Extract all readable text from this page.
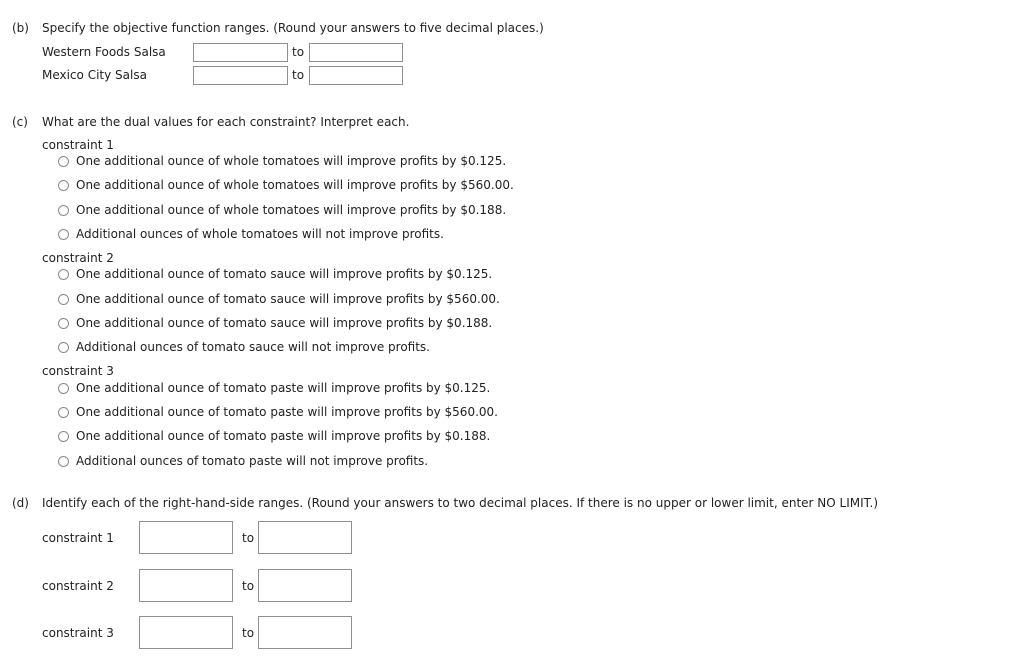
(b) Specify the objective function ranges. (Round your answers to five decimal places.)
Western Foods Salsa	to
Mexico City Salsa	to
(c) What are the dual values for each constraint? Interpret each.
constraint 1
One additional ounce of whole tomatoes will improve profits by $0.125.
One additional ounce of whole tomatoes will improve profits by $560.00.
One additional ounce of whole tomatoes will improve profits by $0.188.
Additional ounces of whole tomatoes will not improve profits.
constraint 2
One additional ounce of tomato sauce will improve profits by $0.125.
One additional ounce of tomato sauce will improve profits by $560.00.
One additional ounce of tomato sauce will improve profits by $0.188.
Additional ounces of tomato sauce will not improve profits.
constraint 3
One additional ounce of tomato paste will improve profits by $0.125.
One additional ounce of tomato paste will improve profits by $560.00.
One additional ounce of tomato paste will improve profits by $0.188.
Additional ounces of tomato paste will not improve profits.
(d) Identify each of the right-hand-side ranges. (Round your answers to two decimal places. If there is no upper or lower limit, enter NO LIMIT.)
constraint 1	to
constraint 2	to
constraint 3	to
